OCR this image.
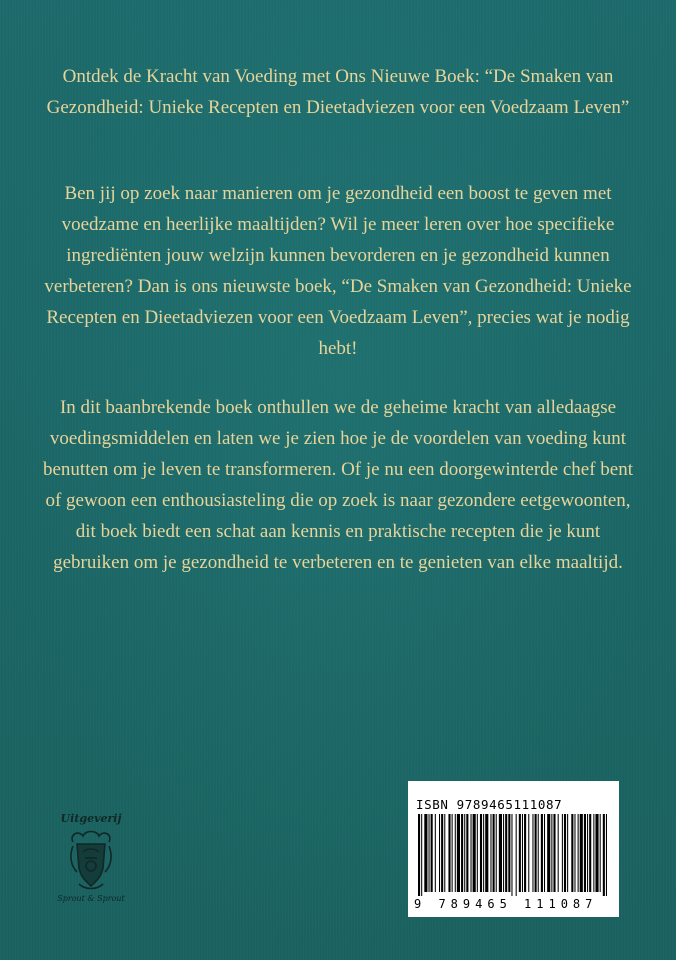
Ontdek de Kracht van Voeding met Ons Nieuwe Boek: “De Smaken van Gezondheid: Unieke Recepten en Dieetadviezen voor een Voedzaam Leven”

Ben jij op zoek naar manieren om je gezondheid een boost te geven met voedzame en heerlijke maaltijden? Wil je meer leren over hoe specifieke ingrediënten jouw welzijn kunnen bevorderen en je gezondheid kunnen verbeteren? Dan is ons nieuwste boek, “De Smaken van Gezondheid: Unieke Recepten en Dieetadviezen voor een Voedzaam Leven”, precies wat je nodig hebt!

In dit baanbrekende boek onthullen we de geheime kracht van alledaagse voedingsmiddelen en laten we je zien hoe je de voordelen van voeding kunt benutten om je leven te transformeren. Of je nu een doorgewinterde chef bent of gewoon een enthousiasteling die op zoek is naar gezondere eetgewoonten, dit boek biedt een schat aan kennis en praktische recepten die je kunt gebruiken om je gezondheid te verbeteren en te genieten van elke maaltijd.

Uitgeverij
Sprout & Sprout
ISBN 9789465111087
9 789465 111087
